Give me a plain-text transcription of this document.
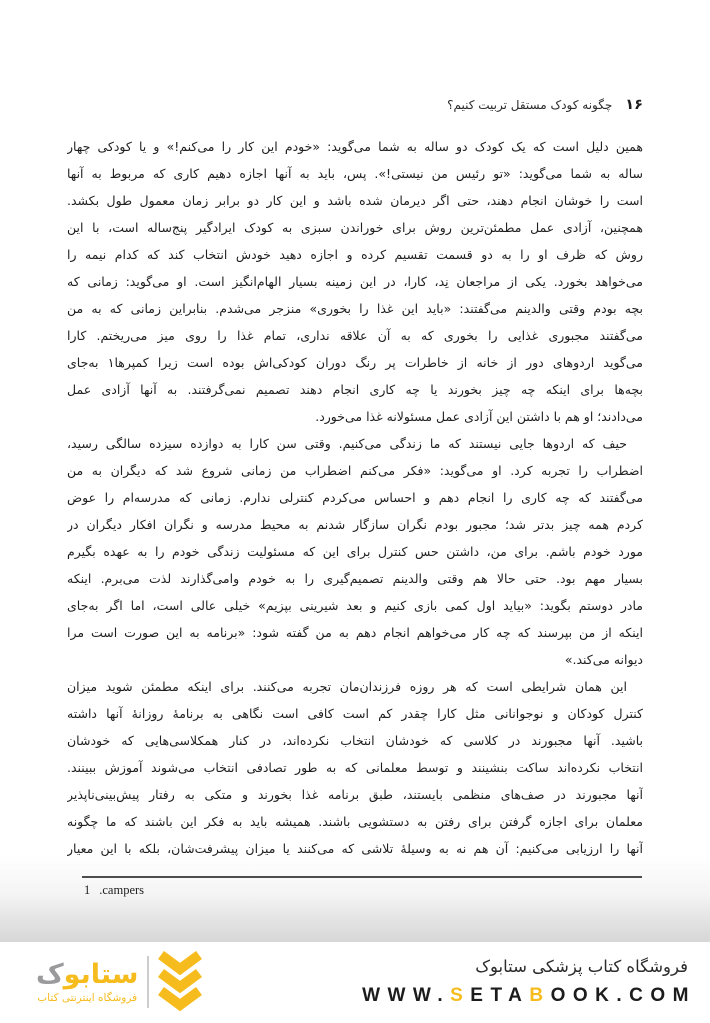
۱۶
چگونه کودک مستقل تربیت کنیم؟
همین دلیل است که یک کودک دو ساله به شما می‌گوید: «خودم این کار را می‌کنم!» و یا کودکی چهار
ساله به شما می‌گوید: «تو رئیس من نیستی!». پس، باید به آنها اجازه دهیم کاری که مربوط به آنها
است را خوشان انجام دهند، حتی اگر دیرمان شده باشد و این کار دو برابر زمان معمول طول بکشد.
همچنین، آزادی عمل مطمئن‌ترین روش برای خوراندن سبزی به کودک ایرادگیر پنج‌ساله است، با این
روش که ظرف او را به دو قسمت تقسیم کرده و اجازه دهید خودش انتخاب کند که کدام نیمه را
می‌خواهد بخورد. یکی از مراجعان نِد، کارا، در این زمینه بسیار الهام‌انگیز است. او می‌گوید: زمانی که
بچه بودم وقتی والدینم می‌گفتند: «باید این غذا را بخوری» منزجر می‌شدم. بنابراین زمانی که به من
می‌گفتند مجبوری غذایی را بخوری که به آن علاقه نداری، تمام غذا را روی میز می‌ریختم. کارا
می‌گوید اردوهای دور از خانه از خاطرات پر رنگ دوران کودکی‌اش بوده است زیرا کمپرها۱ به‌جای
بچه‌ها برای اینکه چه چیز بخورند یا چه کاری انجام دهند تصمیم نمی‌گرفتند. به آنها آزادی عمل
می‌دادند؛ او هم با داشتن این آزادی عمل مسئولانه غذا می‌خورد.
حیف که اردوها جایی نیستند که ما زندگی می‌کنیم. وقتی سن کارا به دوازده سیزده سالگی رسید،
اضطراب را تجربه کرد. او می‌گوید: «فکر می‌کنم اضطراب من زمانی شروع شد که دیگران به من
می‌گفتند که چه کاری را انجام دهم و احساس می‌کردم کنترلی ندارم. زمانی که مدرسه‌ام را عوض
کردم همه چیز بدتر شد؛ مجبور بودم نگران سازگار شدنم به محیط مدرسه و نگران افکار دیگران در
مورد خودم باشم. برای من، داشتن حس کنترل برای این که مسئولیت زندگی خودم را به عهده بگیرم
بسیار مهم بود. حتی حالا هم وقتی والدینم تصمیم‌گیری را به خودم وامی‌گذارند لذت می‌برم. اینکه
مادر دوستم بگوید: «بیاید اول کمی بازی کنیم و بعد شیرینی بپزیم» خیلی عالی است، اما اگر به‌جای
اینکه از من بپرسند که چه کار می‌خواهم انجام دهم به من گفته شود: «برنامه به این صورت است مرا
دیوانه می‌کند.»
این همان شرایطی است که هر روزه فرزندان‌مان تجربه می‌کنند. برای اینکه مطمئن شوید میزان
کنترل کودکان و نوجوانانی مثل کارا چقدر کم است کافی است نگاهی به برنامهٔ روزانهٔ آنها داشته
باشید. آنها مجبورند در کلاسی که خودشان انتخاب نکرده‌اند، در کنار همکلاسی‌هایی که خودشان
انتخاب نکرده‌اند ساکت بنشینند و توسط معلمانی که به طور تصادفی انتخاب می‌شوند آموزش ببینند.
آنها مجبورند در صف‌های منظمی بایستند، طبق برنامه غذا بخورند و متکی به رفتار پیش‌بینی‌ناپذیر
معلمان برای اجازه گرفتن برای رفتن به دستشویی باشند. همیشه باید به فکر این باشند که ما چگونه
آنها را ارزیابی می‌کنیم: آن هم نه به وسیلهٔ تلاشی که می‌کنند یا میزان پیشرفت‌شان، بلکه با این معیار
1 .campers
ستابوک
فروشگاه اینترنتی کتاب
فروشگاه کتاب پزشکی ستابوک
WWW.SETABOOK.COM
